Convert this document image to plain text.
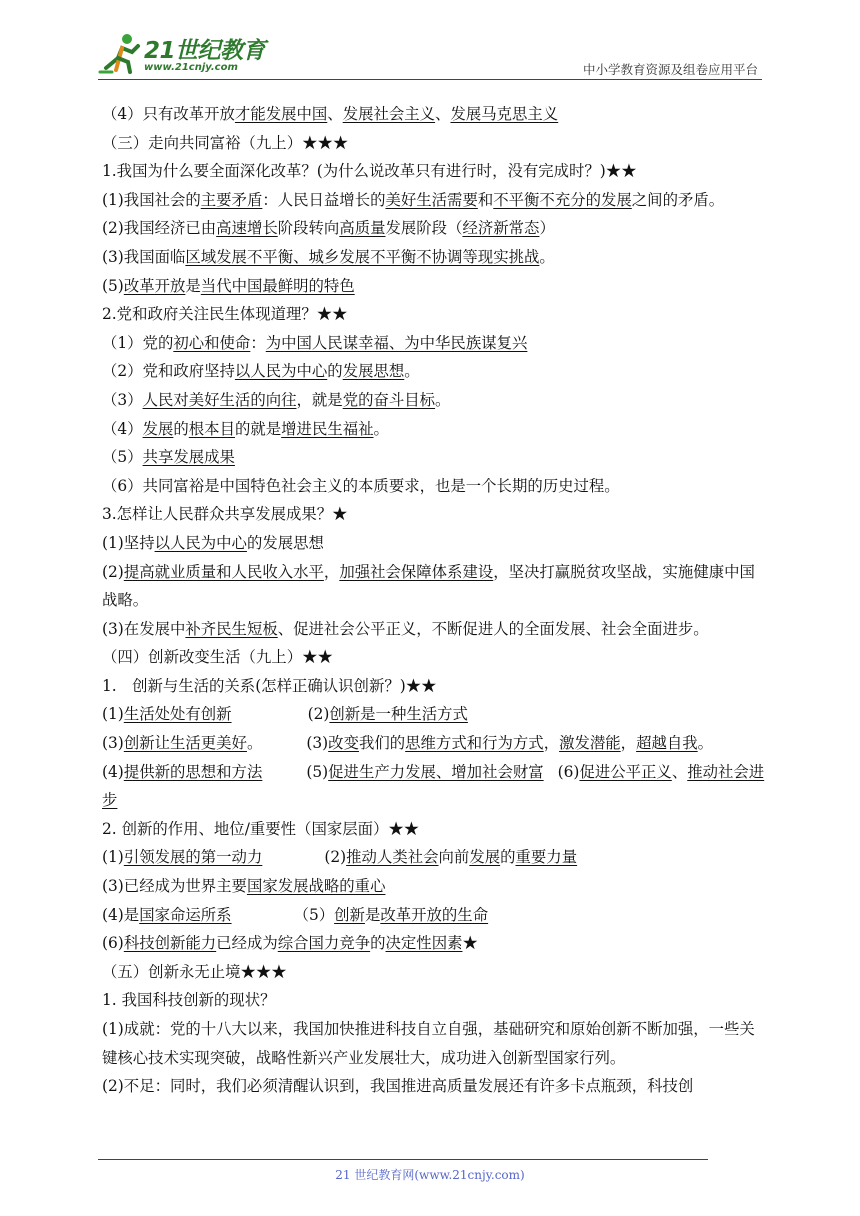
21世纪教育
www.21cnjy.com	中小学教育资源及组卷应用平台
（4）只有改革开放才能发展中国、发展社会主义、发展马克思主义
（三）走向共同富裕（九上）★★★
1.我国为什么要全面深化改革？(为什么说改革只有进行时，没有完成时？)★★
(1)我国社会的主要矛盾：人民日益增长的美好生活需要和不平衡不充分的发展之间的矛盾。
(2)我国经济已由高速增长阶段转向高质量发展阶段（经济新常态）
(3)我国面临区域发展不平衡、城乡发展不平衡不协调等现实挑战。
(5)改革开放是当代中国最鲜明的特色
2.党和政府关注民生体现道理？★★
（1）党的初心和使命：为中国人民谋幸福、为中华民族谋复兴
（2）党和政府坚持以人民为中心的发展思想。
（3）人民对美好生活的向往，就是党的奋斗目标。
（4）发展的根本目的就是增进民生福祉。
（5）共享发展成果
（6）共同富裕是中国特色社会主义的本质要求，也是一个长期的历史过程。
3.怎样让人民群众共享发展成果？★
(1)坚持以人民为中心的发展思想
(2)提高就业质量和人民收入水平，加强社会保障体系建设，坚决打赢脱贫攻坚战，实施健康中国战略。
(3)在发展中补齐民生短板、促进社会公平正义，不断促进人的全面发展、社会全面进步。
（四）创新改变生活（九上）★★
1.　创新与生活的关系(怎样正确认识创新？)★★
(1)生活处处有创新	(2)创新是一种生活方式
(3)创新让生活更美好。	(3)改变我们的思维方式和行为方式，激发潜能，超越自我。
(4)提供新的思想和方法	(5)促进生产力发展、增加社会财富 (6)促进公平正义、推动社会进步
2. 创新的作用、地位/重要性（国家层面）★★
(1)引领发展的第一动力	(2)推动人类社会向前发展的重要力量
(3)已经成为世界主要国家发展战略的重心
(4)是国家命运所系	（5）创新是改革开放的生命
(6)科技创新能力已经成为综合国力竞争的决定性因素★
（五）创新永无止境★★★
1. 我国科技创新的现状？
(1)成就：党的十八大以来，我国加快推进科技自立自强，基础研究和原始创新不断加强，一些关键核心技术实现突破，战略性新兴产业发展壮大，成功进入创新型国家行列。
(2)不足：同时，我们必须清醒认识到，我国推进高质量发展还有许多卡点瓶颈，科技创
21 世纪教育网(www.21cnjy.com)
